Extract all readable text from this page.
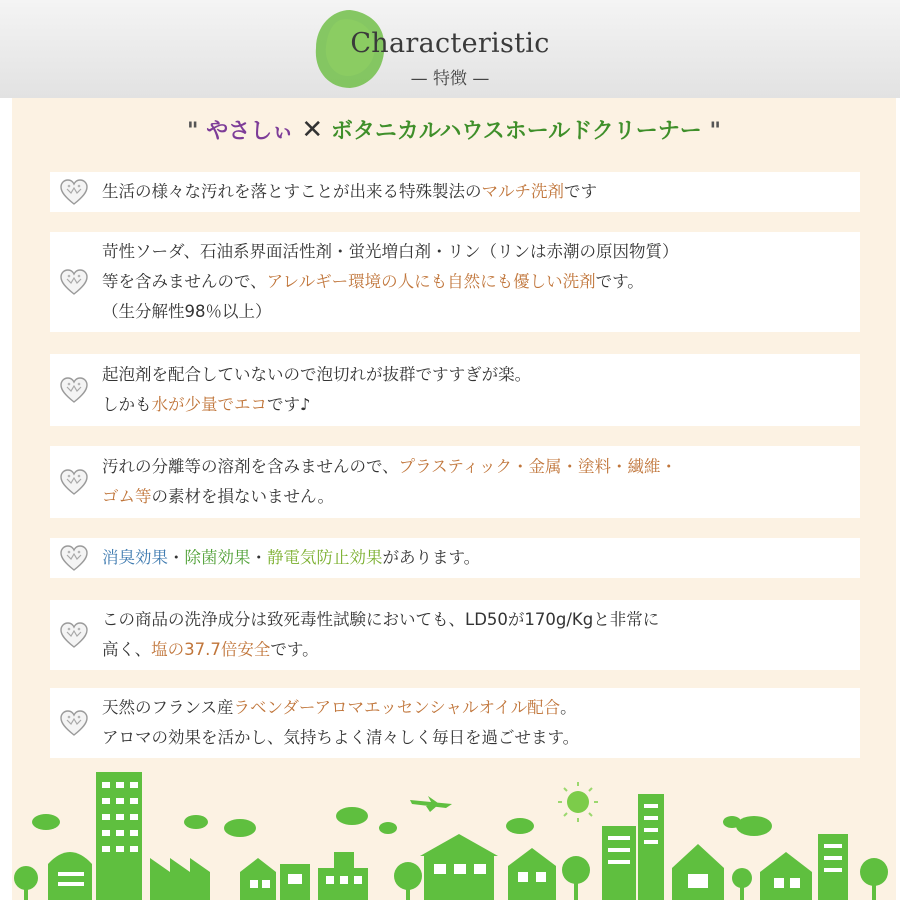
Characteristic
— 特徴 —
" やさしぃ ✕ ボタニカルハウスホールドクリーナー "
生活の様々な汚れを落とすことが出来る特殊製法のマルチ洗剤です
苛性ソーダ、石油系界面活性剤・蛍光増白剤・リン（リンは赤潮の原因物質）
等を含みませんので、アレルギー環境の人にも自然にも優しい洗剤です。
（生分解性98％以上）
起泡剤を配合していないので泡切れが抜群ですすぎが楽。
しかも水が少量でエコです♪
汚れの分離等の溶剤を含みませんので、プラスティック・金属・塗料・繊維・
ゴム等の素材を損ないません。
消臭効果・除菌効果・静電気防止効果があります。
この商品の洗浄成分は致死毒性試験においても、LD50が170g/Kgと非常に
高く、塩の37.7倍安全です。
天然のフランス産ラベンダーアロマエッセンシャルオイル配合。
アロマの効果を活かし、気持ちよく清々しく毎日を過ごせます。
